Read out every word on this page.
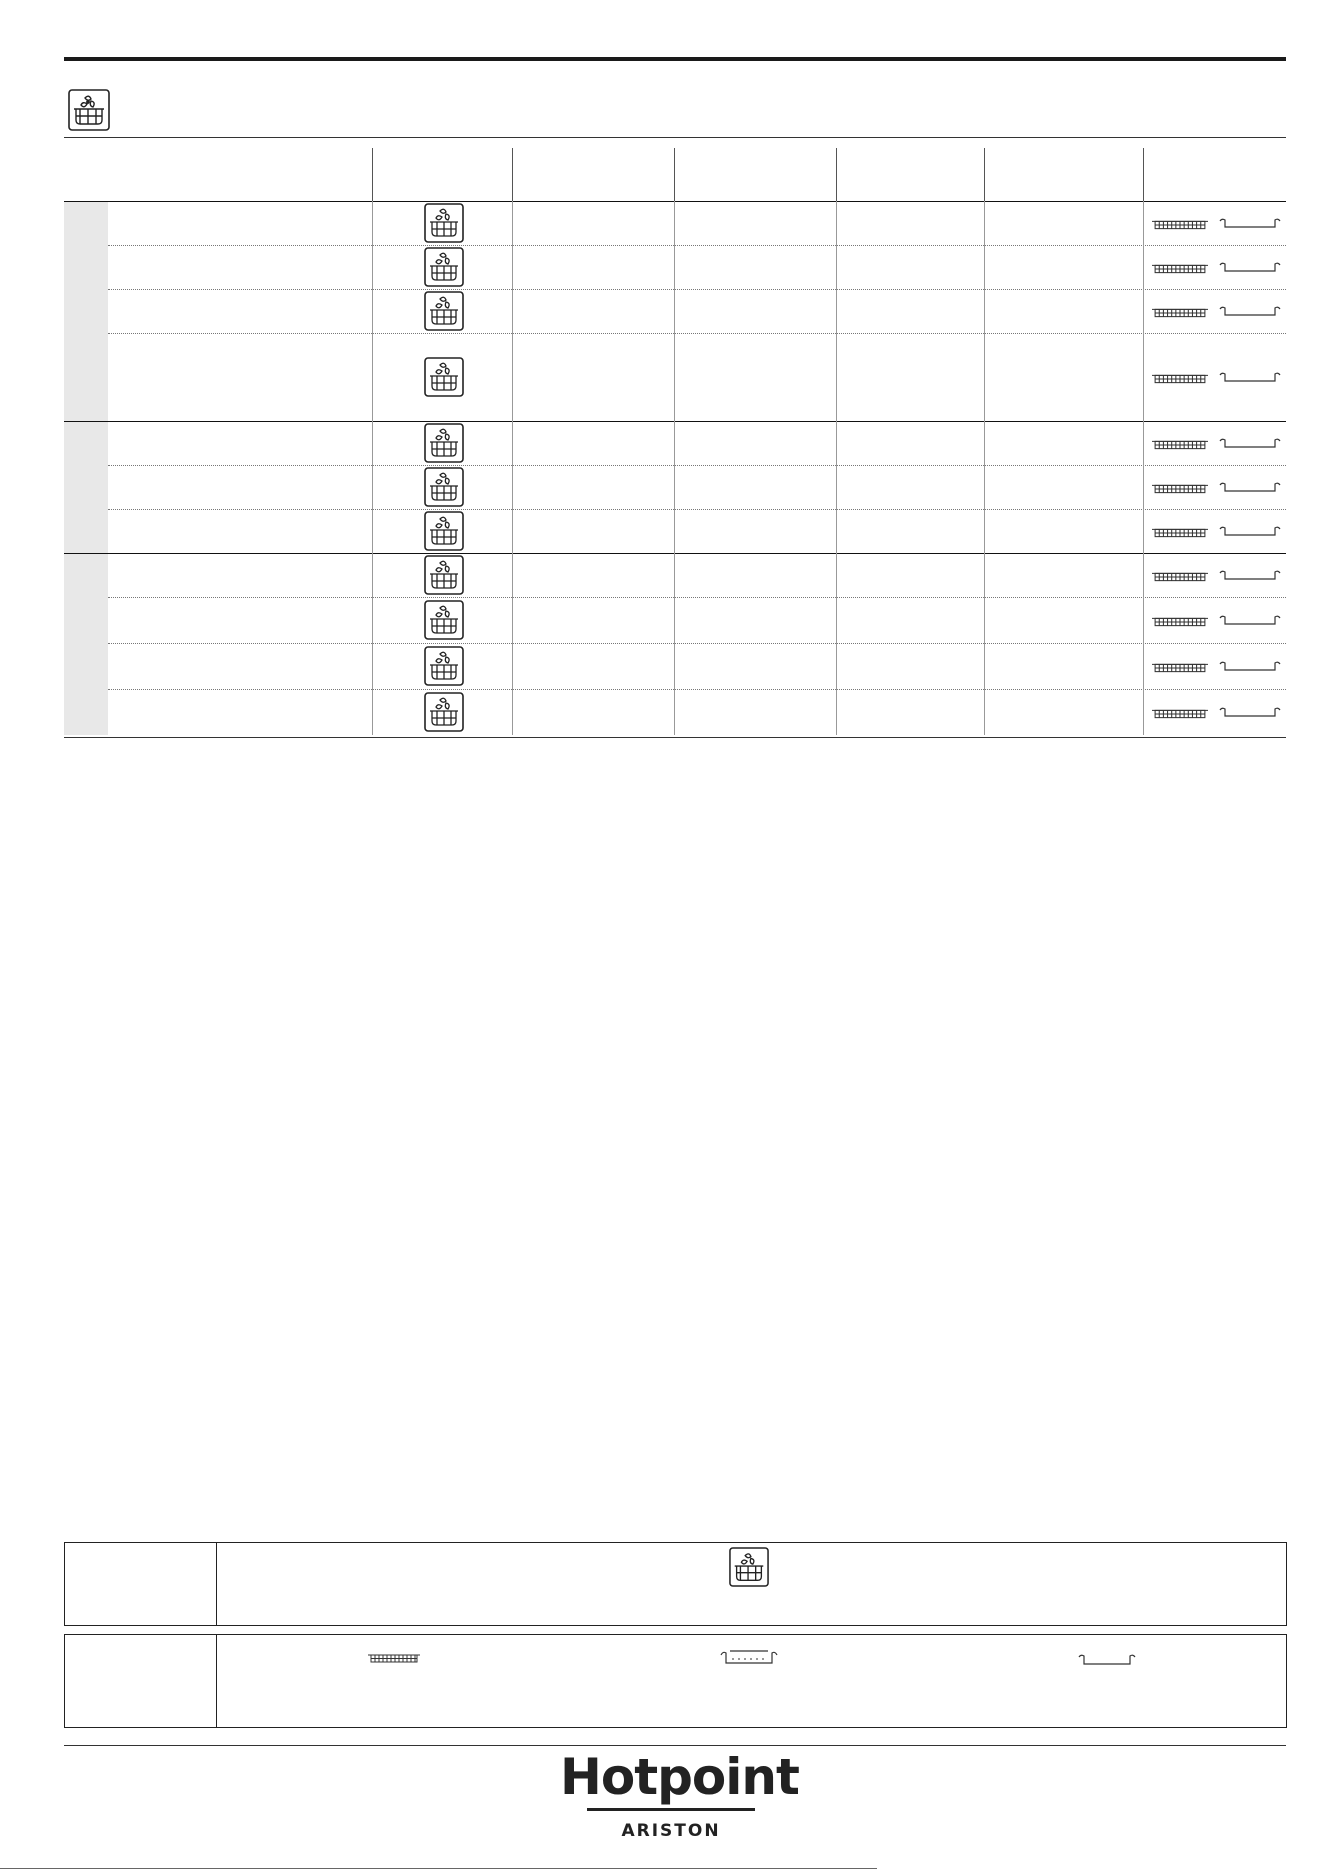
Hotpoint
ARISTON
